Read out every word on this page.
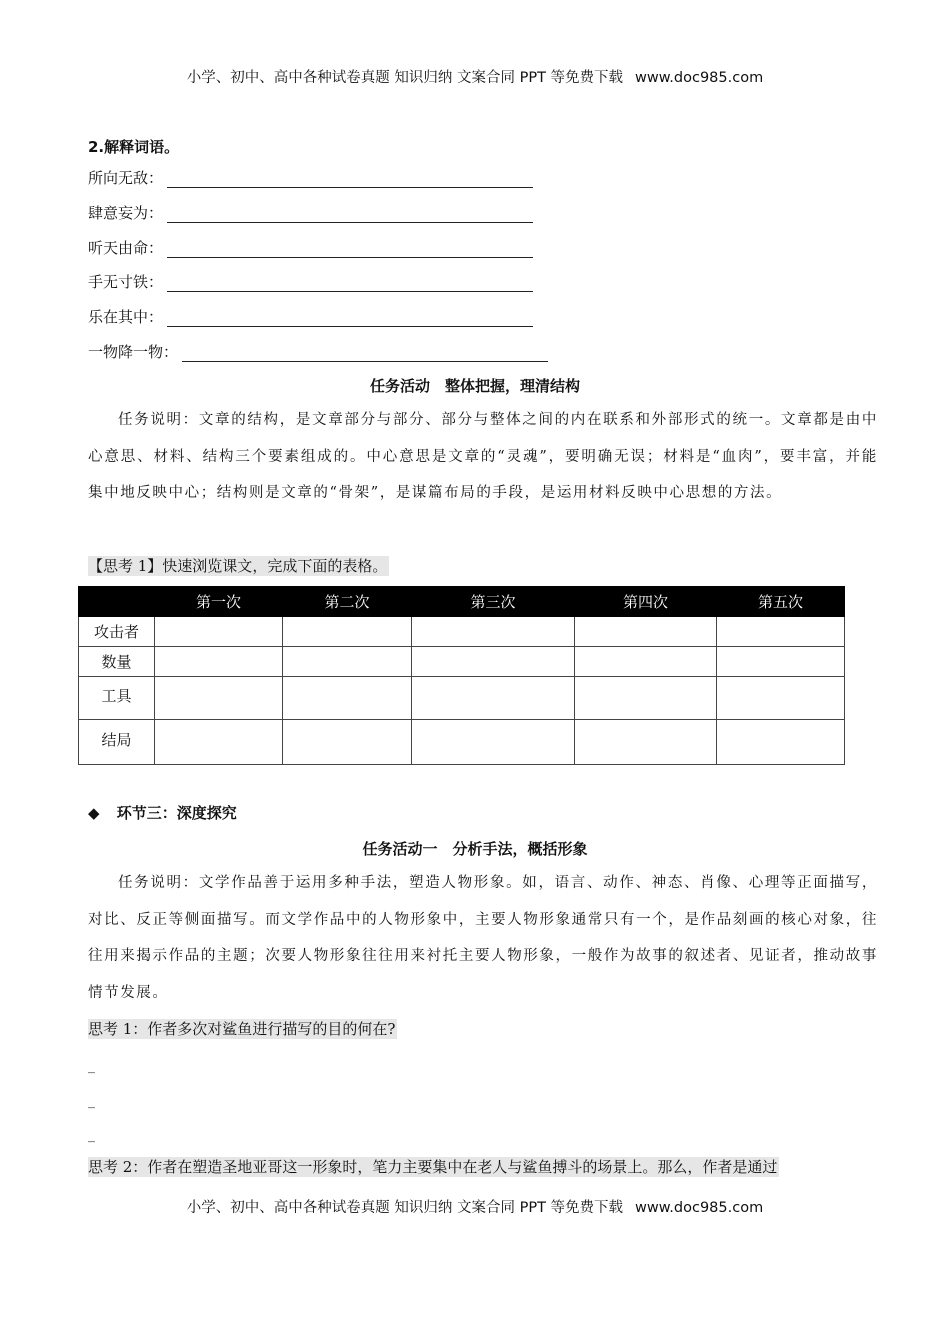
小学、初中、高中各种试卷真题 知识归纳 文案合同 PPT 等免费下载 www.doc985.com
2.解释词语。
所向无敌：
肆意妄为：
听天由命：
手无寸铁：
乐在其中：
一物降一物：
任务活动　整体把握，理清结构
任务说明：文章的结构，是文章部分与部分、部分与整体之间的内在联系和外部形式的统一。文章都是由中心意思、材料、结构三个要素组成的。中心意思是文章的“灵魂”，要明确无误；材料是“血肉”，要丰富，并能集中地反映中心；结构则是文章的“骨架”，是谋篇布局的手段，是运用材料反映中心思想的方法。
【思考 1】快速浏览课文，完成下面的表格。
	第一次	第二次	第三次	第四次	第五次
攻击者					
数量					
工具					
结局					
◆ 环节三：深度探究
任务活动一　分析手法，概括形象
任务说明：文学作品善于运用多种手法，塑造人物形象。如，语言、动作、神态、肖像、心理等正面描写，对比、反正等侧面描写。而文学作品中的人物形象中，主要人物形象通常只有一个，是作品刻画的核心对象，往往用来揭示作品的主题；次要人物形象往往用来衬托主要人物形象，一般作为故事的叙述者、见证者，推动故事情节发展。
思考 1：作者多次对鲨鱼进行描写的目的何在?
_
_
_
思考 2：作者在塑造圣地亚哥这一形象时，笔力主要集中在老人与鲨鱼搏斗的场景上。那么，作者是通过
小学、初中、高中各种试卷真题 知识归纳 文案合同 PPT 等免费下载 www.doc985.com
